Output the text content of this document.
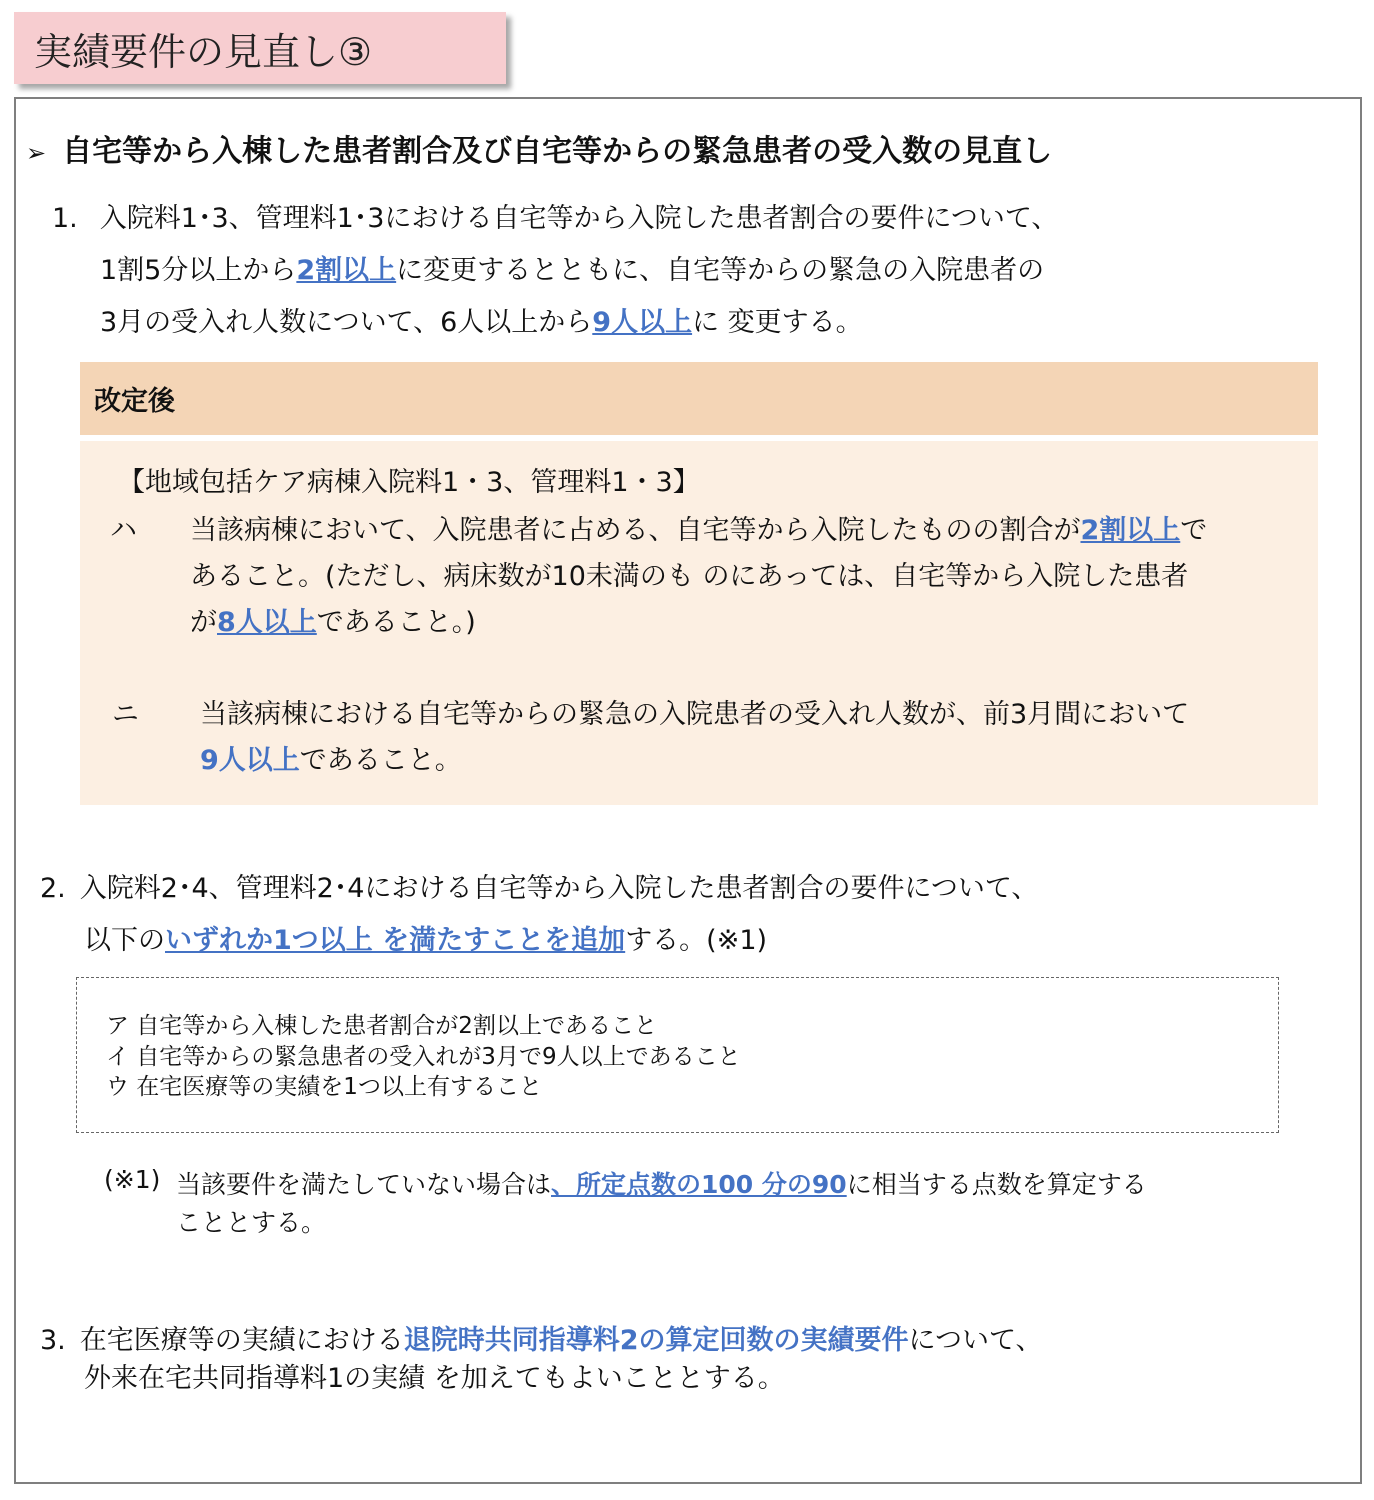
実績要件の見直し③
➢ 自宅等から入棟した患者割合及び自宅等からの緊急患者の受入数の見直し
1. 入院料1･3、管理料1･3における自宅等から入院した患者割合の要件について、
1割5分以上から2割以上に変更するとともに、自宅等からの緊急の入院患者の
3月の受入れ人数について、6人以上から9人以上に 変更する。
改定後
【地域包括ケア病棟入院料1・3、管理料1・3】
ハ 当該病棟において、入院患者に占める、自宅等から入院したものの割合が2割以上で
あること。(ただし、病床数が10未満のも のにあっては、自宅等から入院した患者
が8人以上であること。)
ニ 当該病棟における自宅等からの緊急の入院患者の受入れ人数が、前3月間において
9人以上であること。
2. 入院料2･4、管理料2･4における自宅等から入院した患者割合の要件について、
以下のいずれか1つ以上 を満たすことを追加する。(※1)
ア 自宅等から入棟した患者割合が2割以上であること
イ 自宅等からの緊急患者の受入れが3月で9人以上であること
ウ 在宅医療等の実績を1つ以上有すること
(※1) 当該要件を満たしていない場合は、所定点数の100 分の90に相当する点数を算定する
こととする。
3. 在宅医療等の実績における退院時共同指導料2の算定回数の実績要件について、
外来在宅共同指導料1の実績 を加えてもよいこととする。
